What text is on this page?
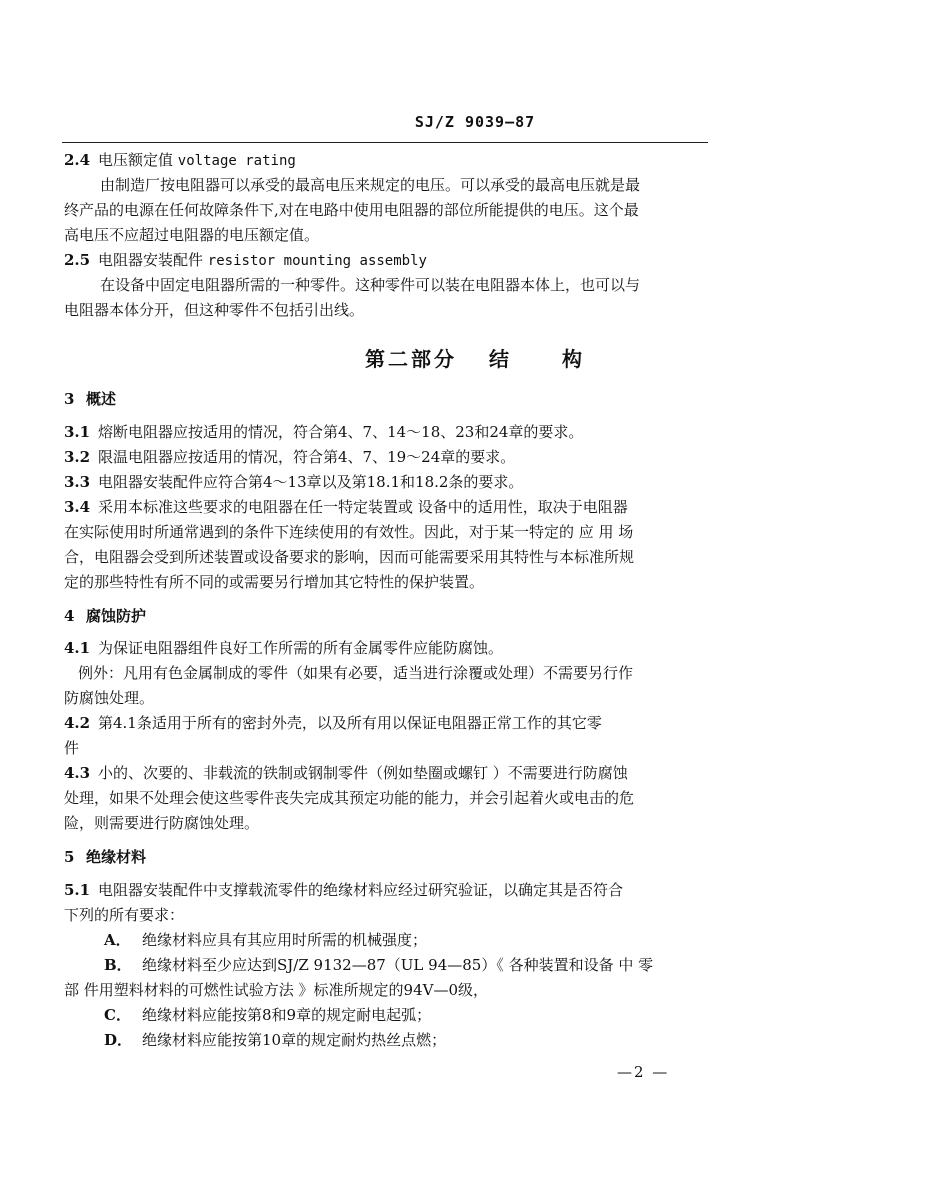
SJ/Z 9039—87
2.4 电压额定值 voltage rating
由制造厂按电阻器可以承受的最高电压来规定的电压。可以承受的最高电压就是最
终产品的电源在任何故障条件下,对在电路中使用电阻器的部位所能提供的电压。这个最
高电压不应超过电阻器的电压额定值。
2.5 电阻器安装配件 resistor mounting assembly
在设备中固定电阻器所需的一种零件。这种零件可以装在电阻器本体上，也可以与
电阻器本体分开，但这种零件不包括引出线。
第二部分 结 构
3 概述
3.1 熔断电阻器应按适用的情况，符合第4、7、14～18、23和24章的要求。
3.2 限温电阻器应按适用的情况，符合第4、7、19～24章的要求。
3.3 电阻器安装配件应符合第4～13章以及第18.1和18.2条的要求。
3.4 采用本标准这些要求的电阻器在任一特定装置或 设备中的适用性，取决于电阻器
在实际使用时所通常遇到的条件下连续使用的有效性。因此，对于某一特定的 应 用 场
合，电阻器会受到所述装置或设备要求的影响，因而可能需要采用其特性与本标准所规
定的那些特性有所不同的或需要另行增加其它特性的保护装置。
4 腐蚀防护
4.1 为保证电阻器组件良好工作所需的所有金属零件应能防腐蚀。
例外：凡用有色金属制成的零件（如果有必要，适当进行涂覆或处理）不需要另行作
防腐蚀处理。
4.2 第4.1条适用于所有的密封外壳，以及所有用以保证电阻器正常工作的其它零
件
4.3 小的、次要的、非载流的铁制或钢制零件（例如垫圈或螺钉 ）不需要进行防腐蚀
处理，如果不处理会使这些零件丧失完成其预定功能的能力，并会引起着火或电击的危
险，则需要进行防腐蚀处理。
5 绝缘材料
5.1 电阻器安装配件中支撑载流零件的绝缘材料应经过研究验证，以确定其是否符合
下列的所有要求：
A． 绝缘材料应具有其应用时所需的机械强度；
B． 绝缘材料至少应达到SJ/Z 9132—87（UL 94—85）《 各种装置和设备 中 零
部 件用塑料材料的可燃性试验方法 》标准所规定的94V—0级，
C． 绝缘材料应能按第8和9章的规定耐电起弧；
D． 绝缘材料应能按第10章的规定耐灼热丝点燃；
—2 —
